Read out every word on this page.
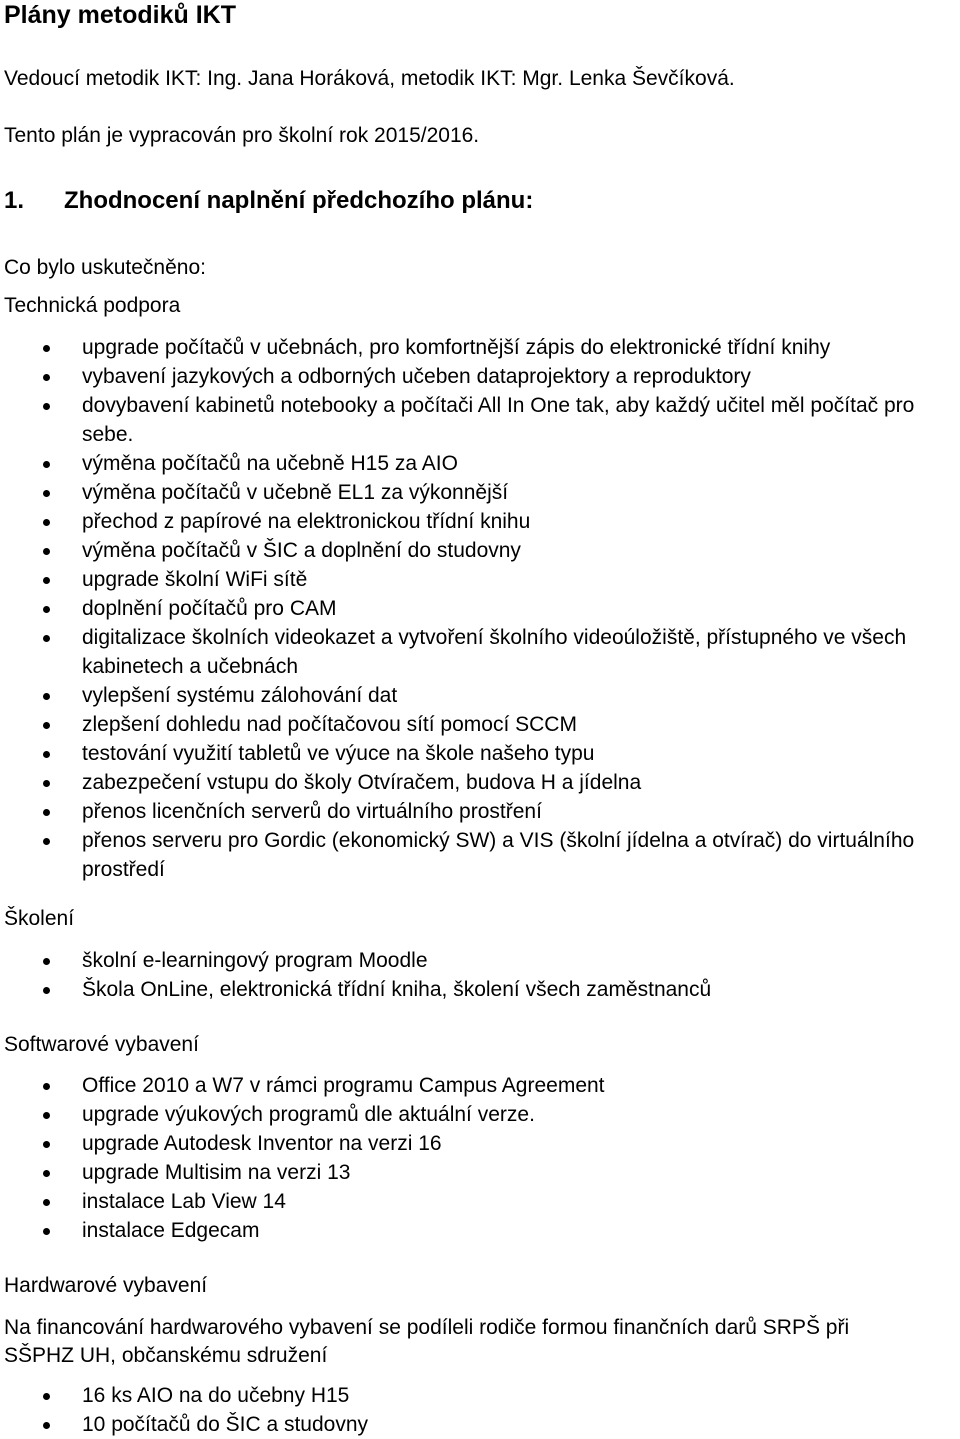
Plány metodiků IKT

Vedoucí metodik IKT: Ing. Jana Horáková, metodik IKT: Mgr. Lenka Ševčíková.

Tento plán je vypracován pro školní rok 2015/2016.

1. Zhodnocení naplnění předchozího plánu:

Co bylo uskutečněno:

Technická podpora

upgrade počítačů v učebnách, pro komfortnější zápis do elektronické třídní knihy
vybavení jazykových a odborných učeben dataprojektory a reproduktory
dovybavení kabinetů notebooky a počítači All In One tak, aby každý učitel měl počítač pro sebe.
výměna počítačů na učebně H15 za AIO
výměna počítačů v učebně EL1 za výkonnější
přechod z papírové na elektronickou třídní knihu
výměna počítačů v ŠIC a doplnění do studovny
upgrade školní WiFi sítě
doplnění počítačů pro CAM
digitalizace školních videokazet a vytvoření školního videoúložiště, přístupného ve všech kabinetech a učebnách
vylepšení systému zálohování dat
zlepšení dohledu nad počítačovou sítí pomocí SCCM
testování využití tabletů ve výuce na škole našeho typu
zabezpečení vstupu do školy Otvíračem, budova H a jídelna
přenos licenčních serverů do virtuálního prostření
přenos serveru pro Gordic (ekonomický SW) a VIS (školní jídelna a otvírač) do virtuálního prostředí

Školení

školní e-learningový program Moodle
Škola OnLine, elektronická třídní kniha, školení všech zaměstnanců

Softwarové vybavení

Office 2010 a W7 v rámci programu Campus Agreement
upgrade výukových programů dle aktuální verze.
upgrade Autodesk Inventor na verzi 16
upgrade Multisim na verzi 13
instalace Lab View 14
instalace Edgecam

Hardwarové vybavení

Na financování hardwarového vybavení se podíleli rodiče formou finančních darů SRPŠ při

SŠPHZ UH, občanskému sdružení

16 ks AIO na do učebny H15
10 počítačů do ŠIC a studovny
